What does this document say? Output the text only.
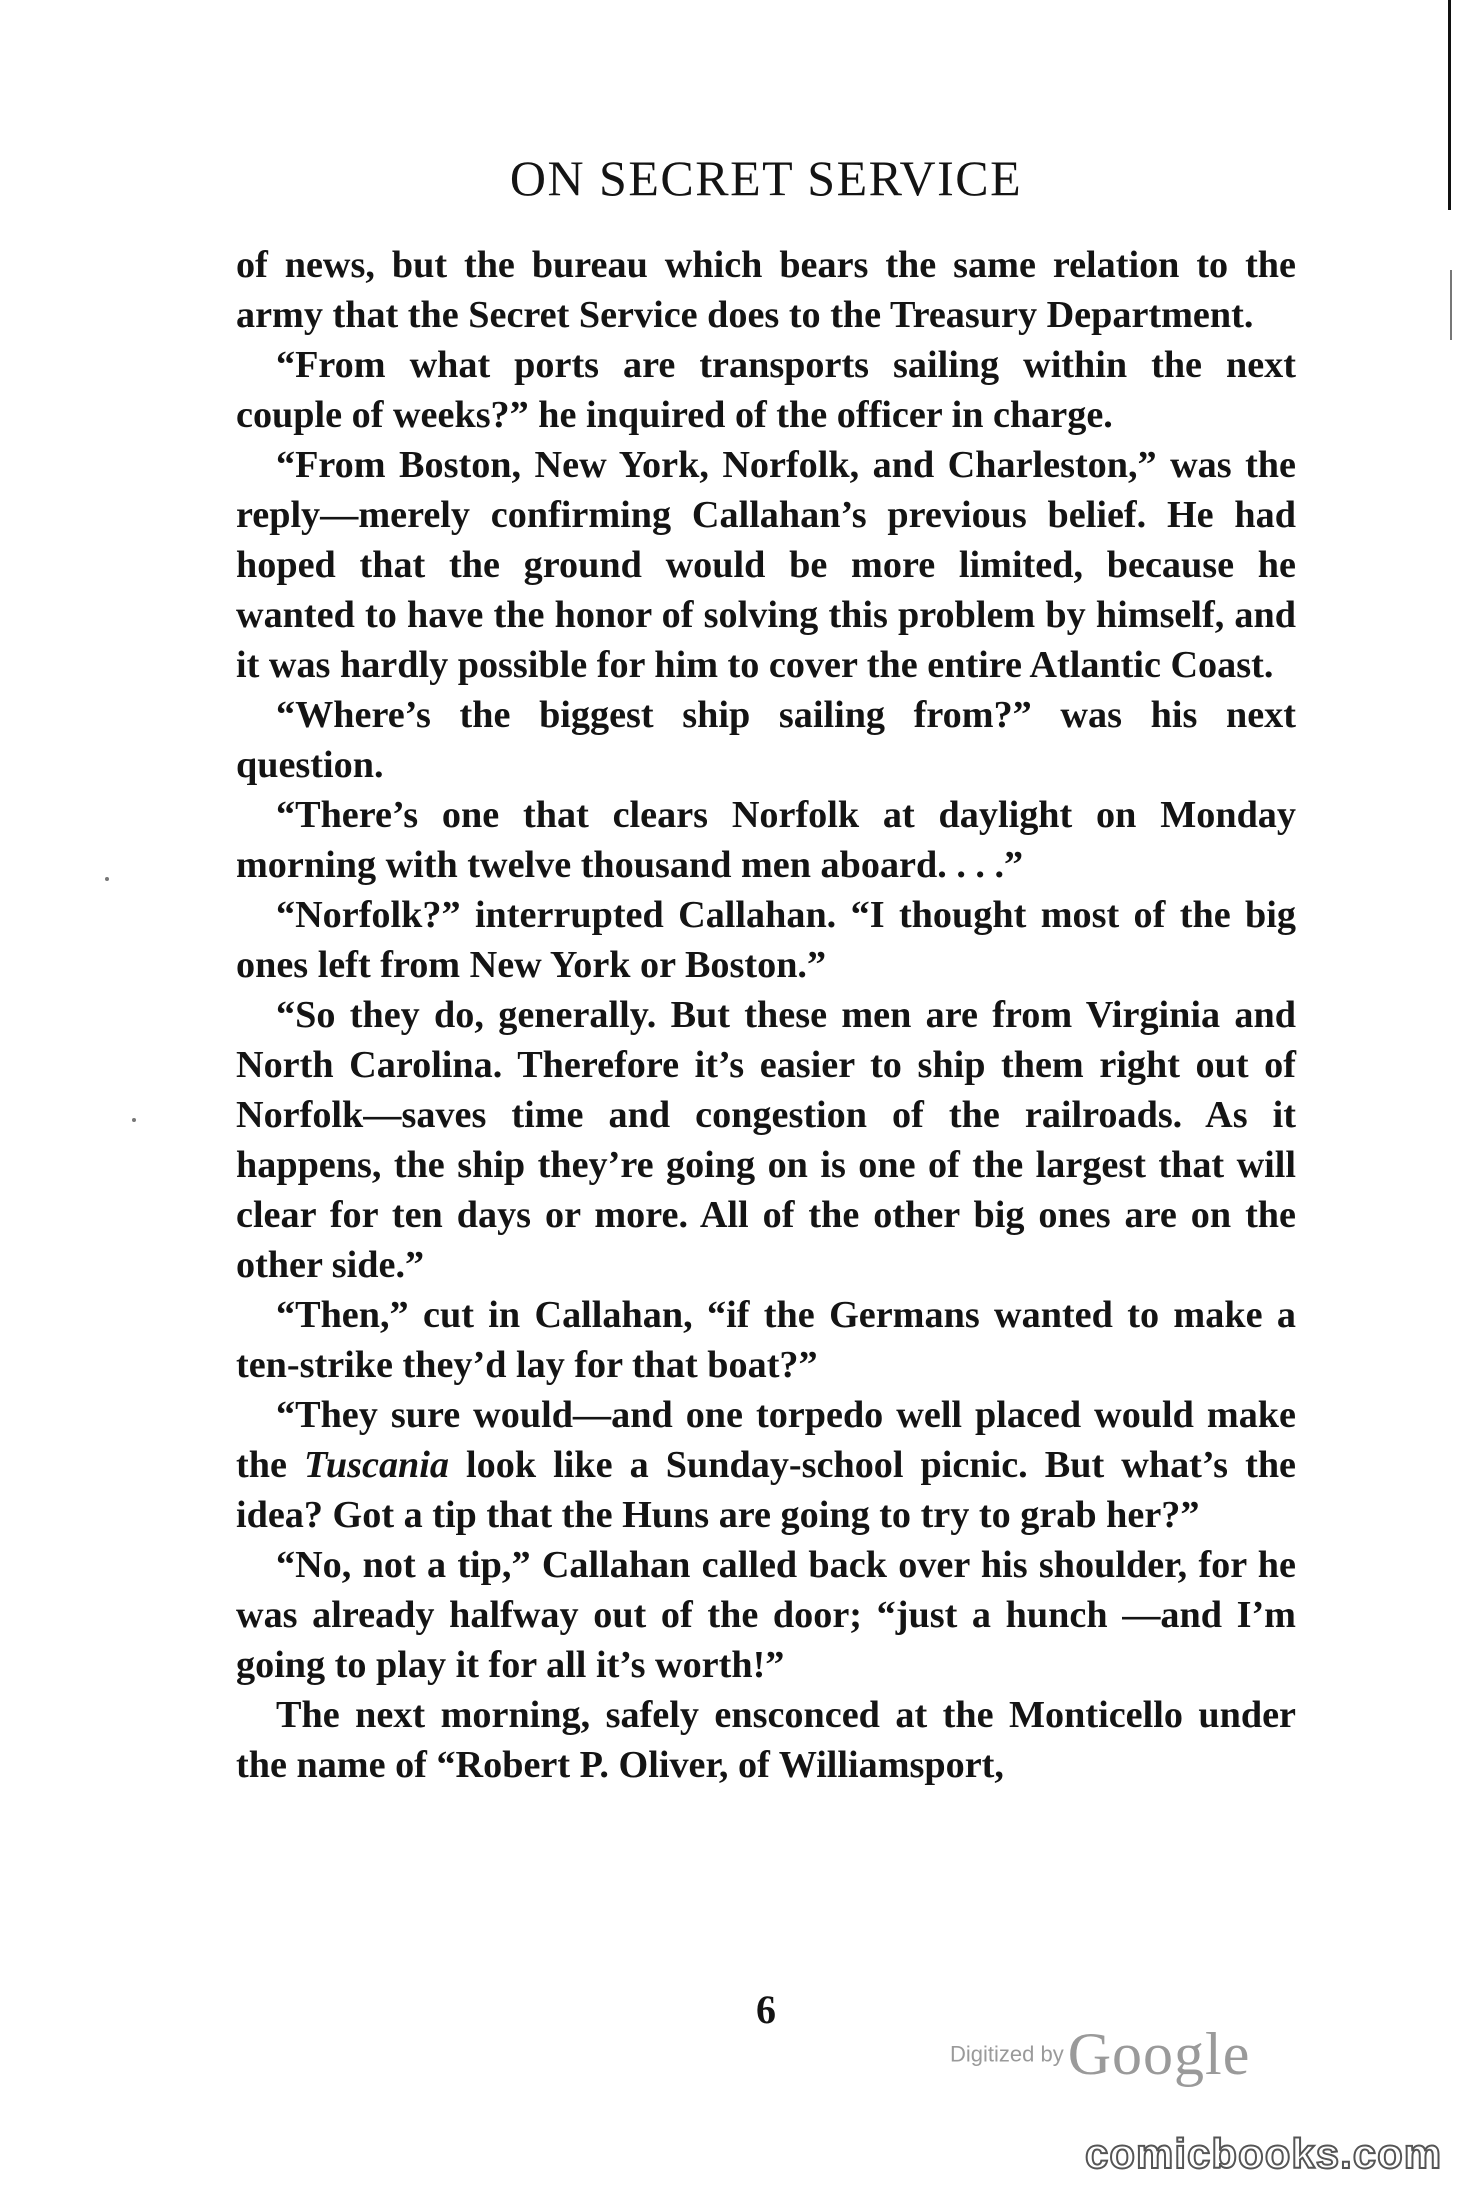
ON SECRET SERVICE

of news, but the bureau which bears the same relation to the army that the Secret Service does to the Treasury Department.

“From what ports are transports sailing within the next couple of weeks?” he inquired of the officer in charge.

“From Boston, New York, Norfolk, and Charleston,” was the reply—merely confirming Callahan’s previous belief. He had hoped that the ground would be more limited, because he wanted to have the honor of solving this problem by himself, and it was hardly possible for him to cover the entire Atlantic Coast.

“Where’s the biggest ship sailing from?” was his next question.

“There’s one that clears Norfolk at daylight on Monday morning with twelve thousand men aboard. . . .”

“Norfolk?” interrupted Callahan. “I thought most of the big ones left from New York or Boston.”

“So they do, generally. But these men are from Virginia and North Carolina. Therefore it’s easier to ship them right out of Norfolk—saves time and congestion of the railroads. As it happens, the ship they’re going on is one of the largest that will clear for ten days or more. All of the other big ones are on the other side.”

“Then,” cut in Callahan, “if the Germans wanted to make a ten-strike they’d lay for that boat?”

“They sure would—and one torpedo well placed would make the Tuscania look like a Sunday-school picnic. But what’s the idea? Got a tip that the Huns are going to try to grab her?”

“No, not a tip,” Callahan called back over his shoulder, for he was already halfway out of the door; “just a hunch —and I’m going to play it for all it’s worth!”

The next morning, safely ensconced at the Monticello under the name of “Robert P. Oliver, of Williamsport,

6
Digitized by Google
comicbooks.com
